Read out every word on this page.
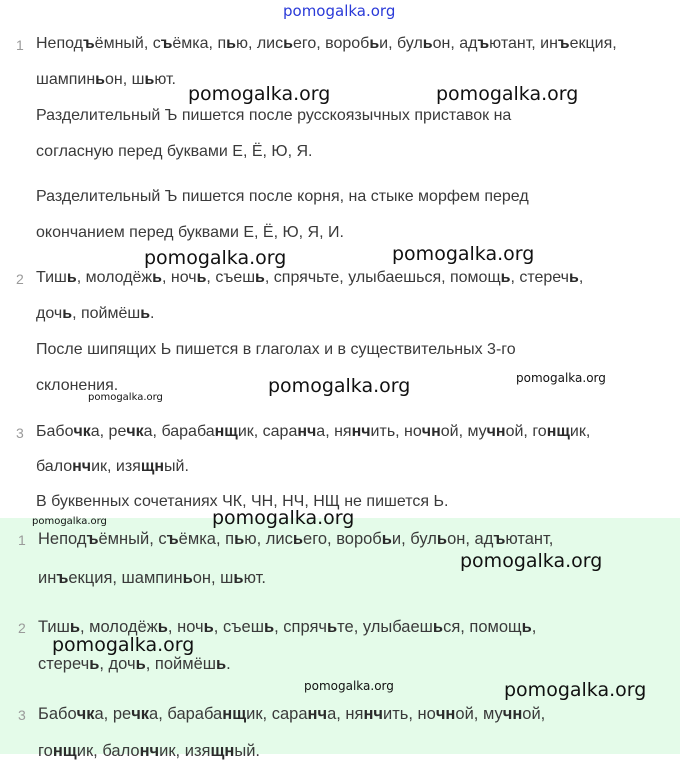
1 Неподъёмный, съёмка, пью, лисьего, воробьи, бульон, адъютант, инъекция,
шампиньон, шьют.
Разделительный Ъ пишется после русскоязычных приставок на
согласную перед буквами Е, Ё, Ю, Я.
Разделительный Ъ пишется после корня, на стыке морфем перед
окончанием перед буквами Е, Ё, Ю, Я, И.
2 Тишь, молодёжь, ночь, съешь, спрячьте, улыбаешься, помощь, стеречь,
дочь, поймёшь.
После шипящих Ь пишется в глаголах и в существительных 3-го
склонения.
3 Бабочка, речка, барабанщик, саранча, нянчить, ночной, мучной, гонщик,
балончик, изящный.
В буквенных сочетаниях ЧК, ЧН, НЧ, НЩ не пишется Ь.
1 Неподъёмный, съёмка, пью, лисьего, воробьи, бульон, адъютант,
инъекция, шампиньон, шьют.
2 Тишь, молодёжь, ночь, съешь, спрячьте, улыбаешься, помощь,
стеречь, дочь, поймёшь.
3 Бабочка, речка, барабанщик, саранча, нянчить, ночной, мучной,
гонщик, балончик, изящный.
pomogalka.org
pomogalka.org	pomogalka.org
pomogalka.org	pomogalka.org
pomogalka.org	pomogalka.org
pomogalka.org
pomogalka.org	pomogalka.org
pomogalka.org
pomogalka.org
pomogalka.org	pomogalka.org
